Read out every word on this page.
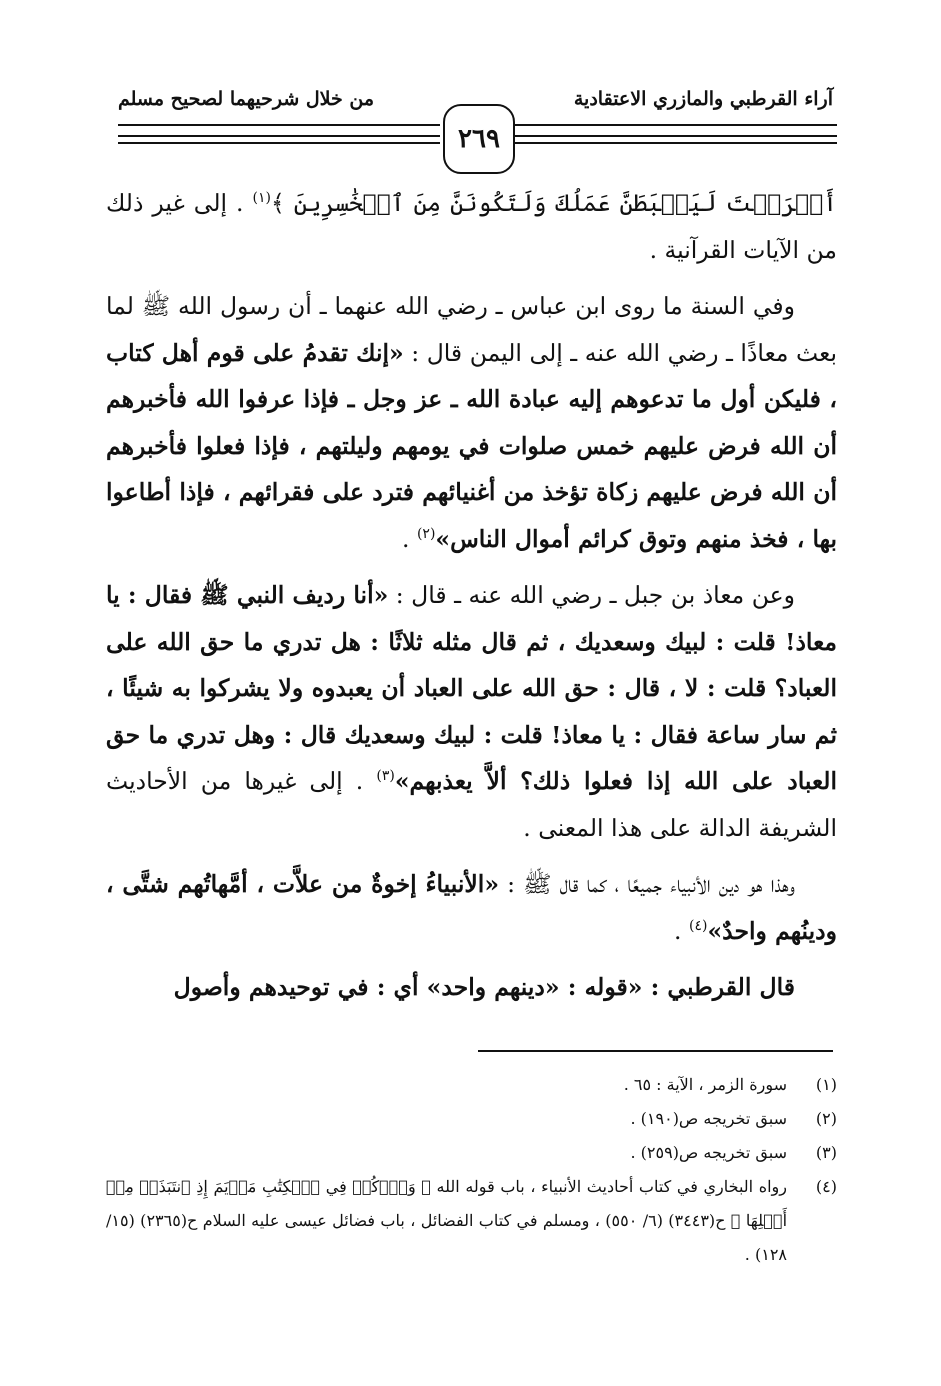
آراء القرطبي والمازري الاعتقادية
من خلال شرحيهما لصحيح مسلم
٢٦٩

أَشۡرَكۡتَ لَيَحۡبَطَنَّ عَمَلُكَ وَلَتَكُونَنَّ مِنَ ٱلۡخَٰسِرِينَ ﴾$^{(١)}$ . إلى غير ذلك من الآيات القرآنية .

وفي السنة ما روى ابن عباس ـ رضي الله عنهما ـ أن رسول الله ﷺ لما بعث معاذًا ـ رضي الله عنه ـ إلى اليمن قال : «إنك تقدمُ على قوم أهل كتاب ، فليكن أول ما تدعوهم إليه عبادة الله ـ عز وجل ـ فإذا عرفوا الله فأخبرهم أن الله فرض عليهم خمس صلوات في يومهم وليلتهم ، فإذا فعلوا فأخبرهم أن الله فرض عليهم زكاة تؤخذ من أغنيائهم فترد على فقرائهم ، فإذا أطاعوا بها ، فخذ منهم وتوق كرائم أموال الناس»$^{(٢)}$ .

وعن معاذ بن جبل ـ رضي الله عنه ـ قال : «أنا رديف النبي ﷺ فقال : يا معاذ! قلت : لبيك وسعديك ، ثم قال مثله ثلاثًا : هل تدري ما حق الله على العباد؟ قلت : لا ، قال : حق الله على العباد أن يعبدوه ولا يشركوا به شيئًا ، ثم سار ساعة فقال : يا معاذ! قلت : لبيك وسعديك قال : وهل تدري ما حق العباد على الله إذا فعلوا ذلك؟ ألاَّ يعذبهم»$^{(٣)}$ . إلى غيرها من الأحاديث الشريفة الدالة على هذا المعنى .

وهذا هو دين الأنبياء جميعًا ، كما قال ﷺ : «الأنبياءُ إخوةٌ من علاَّت ، أمَّهاتُهم شتَّى ، ودينُهم واحدٌ»$^{(٤)}$ .

قال القرطبي : «قوله : «دينهم واحد» أي : في توحيدهم وأصول

(١)
سورة الزمر ، الآية : ٦٥ .
(٢)
سبق تخريجه ص(١٩٠) .
(٣)
سبق تخريجه ص(٢٥٩) .
(٤)
رواه البخاري في كتاب أحاديث الأنبياء ، باب قوله الله ﴿ وَٱذۡكُرۡ فِي ٱلۡكِتَٰبِ مَرۡيَمَ إِذِ ٱنتَبَذَتۡ مِنۡ أَهۡلِهَا ﴾ ح(٣٤٤٣) (٦/ ٥٥٠) ، ومسلم في كتاب الفضائل ، باب فضائل عيسى عليه السلام ح(٢٣٦٥) (١٥/ ١٢٨) .
